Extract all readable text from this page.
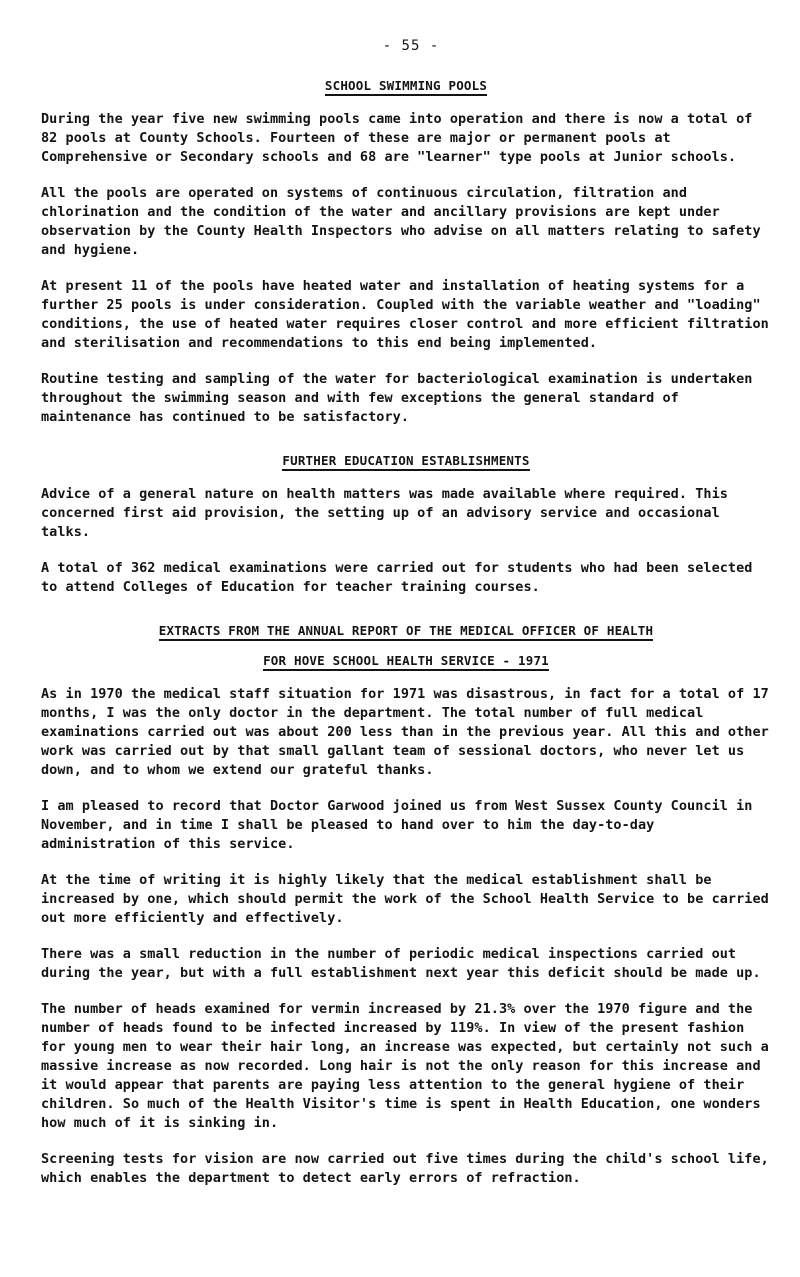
- 55 -
SCHOOL SWIMMING POOLS

During the year five new swimming pools came into operation and there is now a total of 82 pools at County Schools. Fourteen of these are major or permanent pools at Comprehensive or Secondary schools and 68 are "learner" type pools at Junior schools.

All the pools are operated on systems of continuous circulation, filtration and chlorination and the condition of the water and ancillary provisions are kept under observation by the County Health Inspectors who advise on all matters relating to safety and hygiene.

At present 11 of the pools have heated water and installation of heating systems for a further 25 pools is under consideration. Coupled with the variable weather and "loading" conditions, the use of heated water requires closer control and more efficient filtration and sterilisation and recommendations to this end being implemented.

Routine testing and sampling of the water for bacteriological examination is undertaken throughout the swimming season and with few exceptions the general standard of maintenance has continued to be satisfactory.

FURTHER EDUCATION ESTABLISHMENTS

Advice of a general nature on health matters was made available where required. This concerned first aid provision, the setting up of an advisory service and occasional talks.

A total of 362 medical examinations were carried out for students who had been selected to attend Colleges of Education for teacher training courses.

EXTRACTS FROM THE ANNUAL REPORT OF THE MEDICAL OFFICER OF HEALTH
FOR HOVE SCHOOL HEALTH SERVICE - 1971

As in 1970 the medical staff situation for 1971 was disastrous, in fact for a total of 17 months, I was the only doctor in the department. The total number of full medical examinations carried out was about 200 less than in the previous year. All this and other work was carried out by that small gallant team of sessional doctors, who never let us down, and to whom we extend our grateful thanks.

I am pleased to record that Doctor Garwood joined us from West Sussex County Council in November, and in time I shall be pleased to hand over to him the day-to-day administration of this service.

At the time of writing it is highly likely that the medical establishment shall be increased by one, which should permit the work of the School Health Service to be carried out more efficiently and effectively.

There was a small reduction in the number of periodic medical inspections carried out during the year, but with a full establishment next year this deficit should be made up.

The number of heads examined for vermin increased by 21.3% over the 1970 figure and the number of heads found to be infected increased by 119%. In view of the present fashion for young men to wear their hair long, an increase was expected, but certainly not such a massive increase as now recorded. Long hair is not the only reason for this increase and it would appear that parents are paying less attention to the general hygiene of their children. So much of the Health Visitor's time is spent in Health Education, one wonders how much of it is sinking in.

Screening tests for vision are now carried out five times during the child's school life, which enables the department to detect early errors of refraction.
